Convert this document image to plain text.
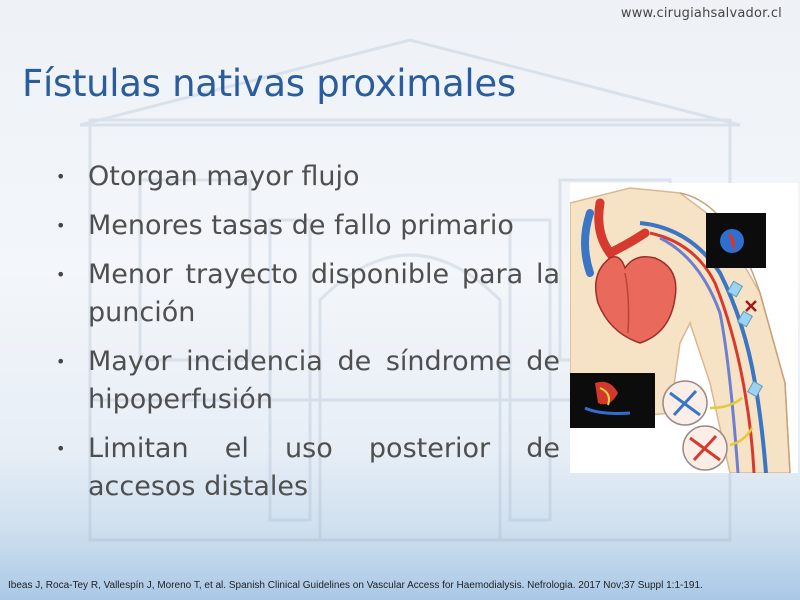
www.cirugiahsalvador.cl
Fístulas nativas proximales
• Otorgan mayor flujo
• Menores tasas de fallo primario
• Menor trayecto disponible para la punción
• Mayor incidencia de síndrome de hipoperfusión
• Limitan el uso posterior de accesos distales
Ibeas J, Roca-Tey R, Vallespín J, Moreno T, et al. Spanish Clinical Guidelines on Vascular Access for Haemodialysis. Nefrologia. 2017 Nov;37 Suppl 1:1-191.
